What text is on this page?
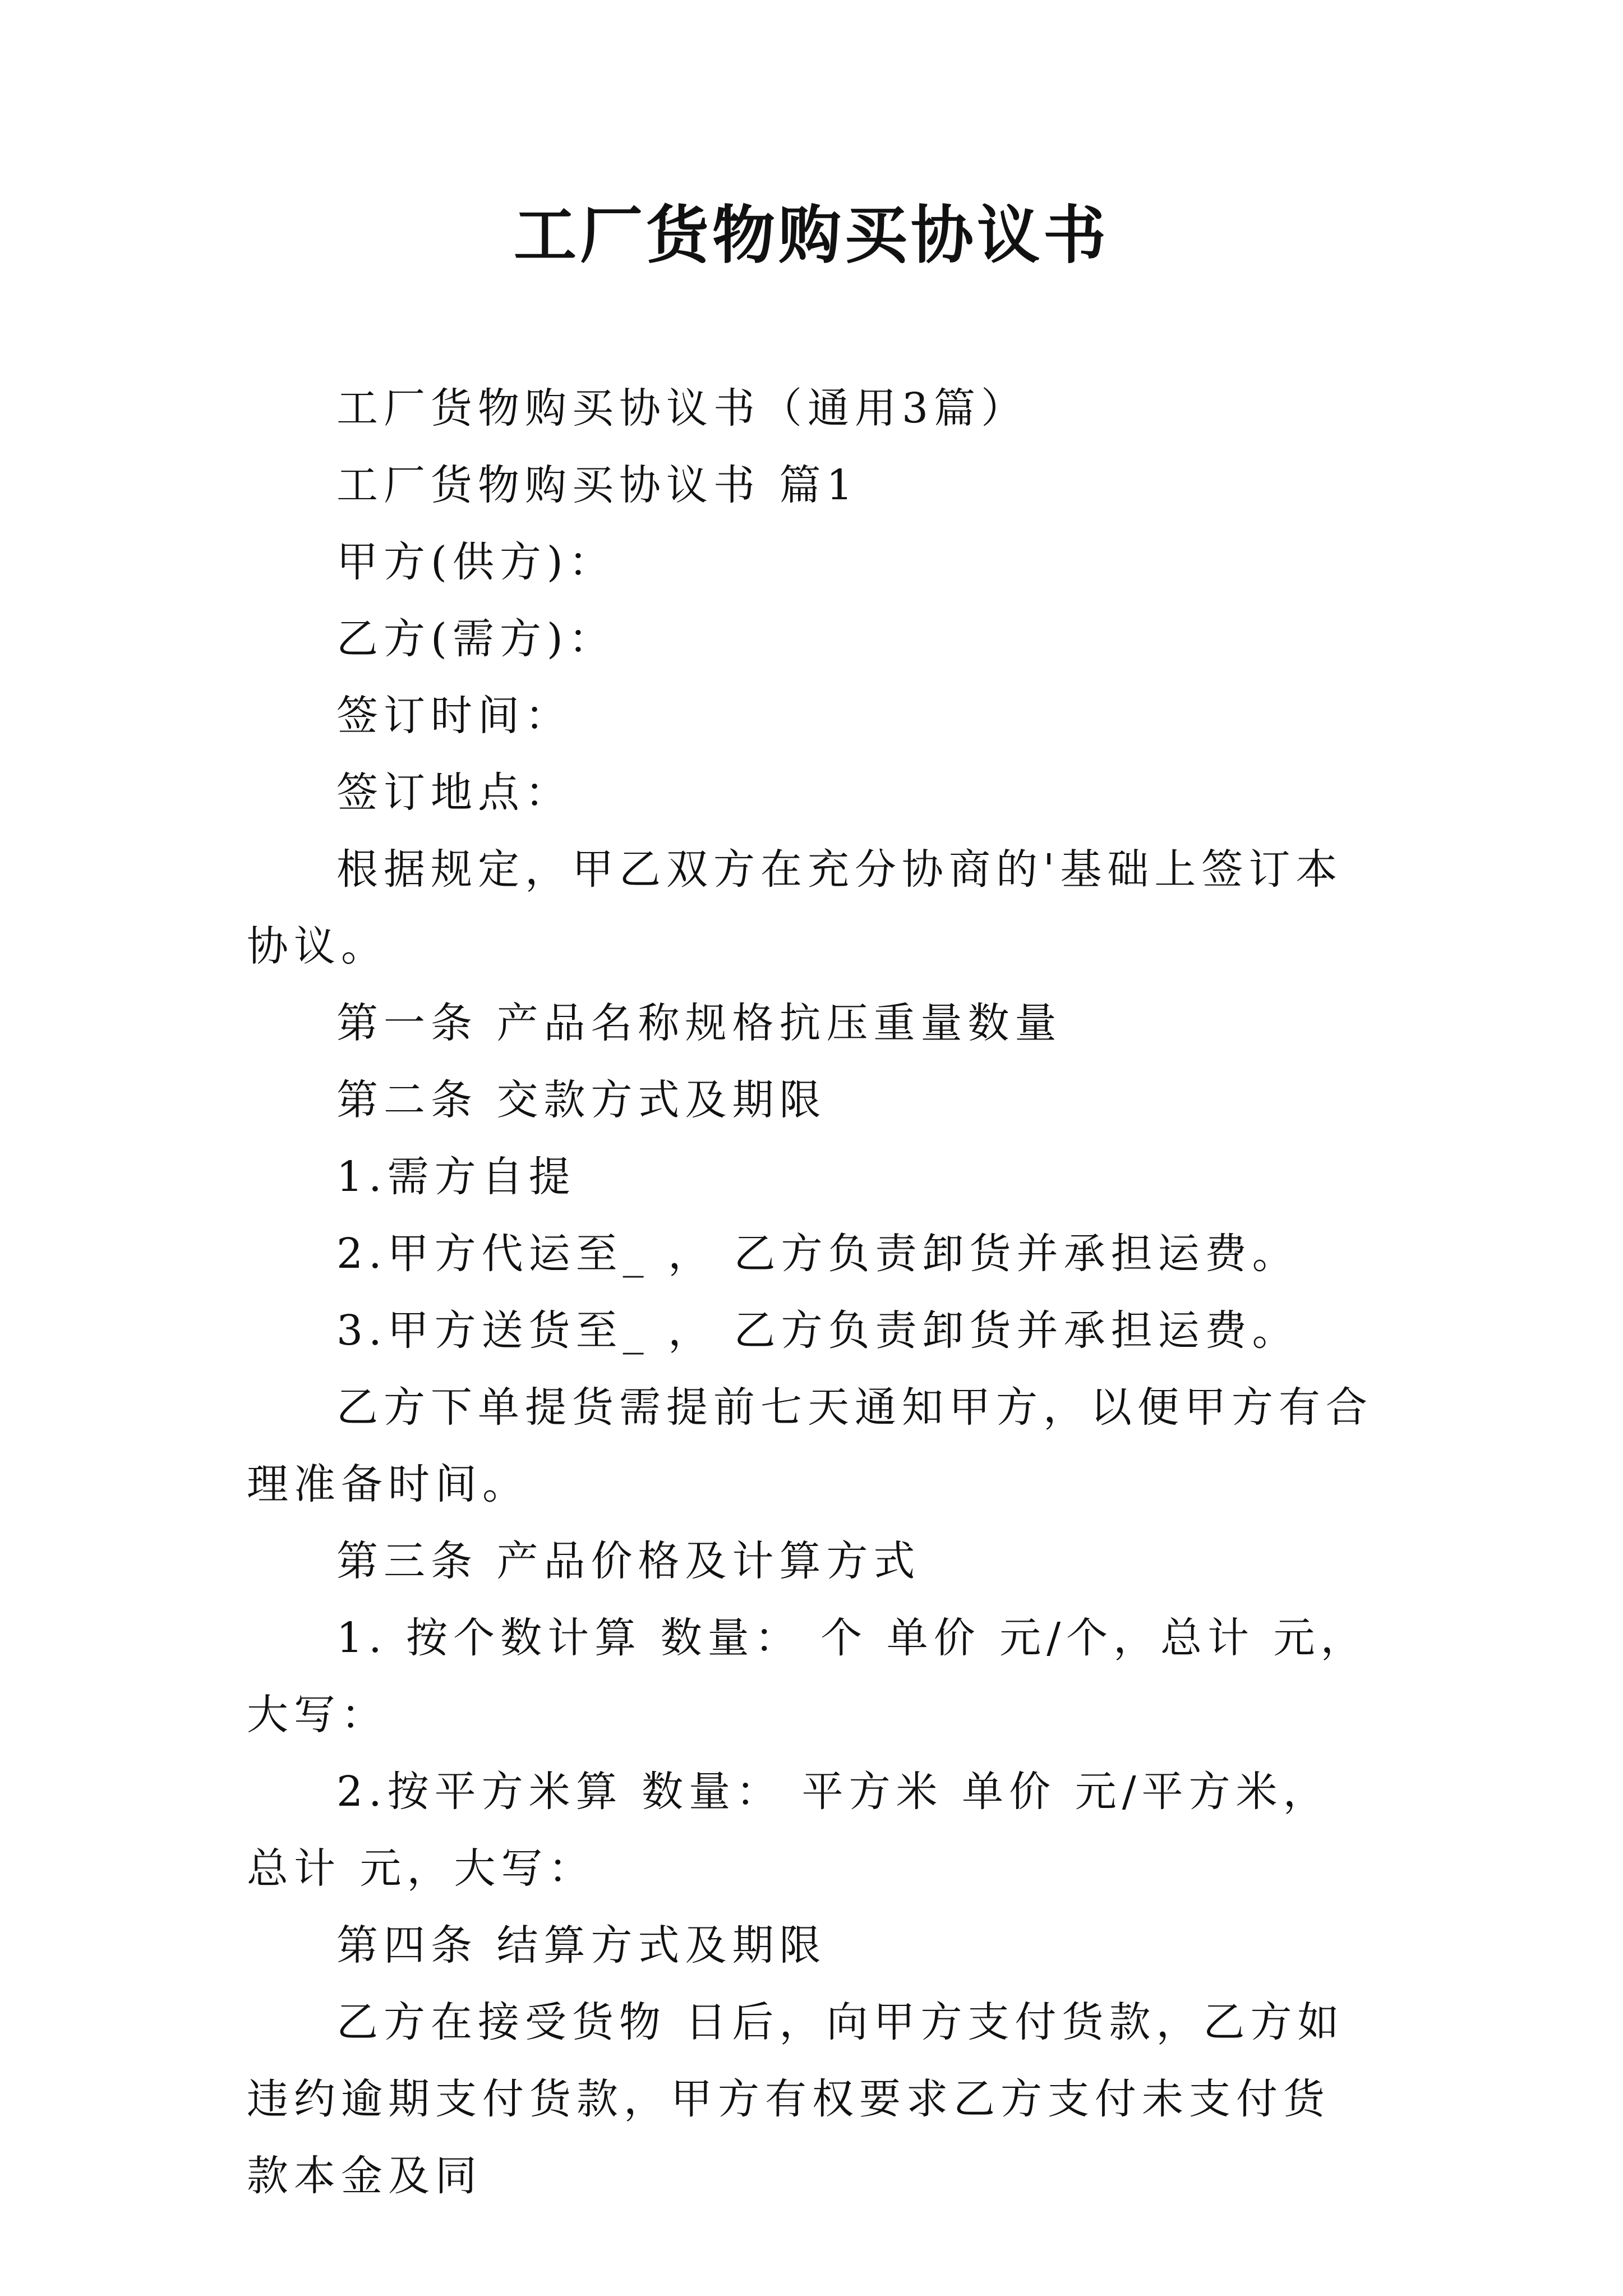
工厂货物购买协议书

工厂货物购买协议书（通用3篇）

工厂货物购买协议书 篇1

甲方(供方)：

乙方(需方)：

签订时间：

签订地点：

根据规定，甲乙双方在充分协商的'基础上签订本协议。

第一条 产品名称规格抗压重量数量

第二条 交款方式及期限

1.需方自提

2.甲方代运至_ ， 乙方负责卸货并承担运费。

3.甲方送货至_ ， 乙方负责卸货并承担运费。

乙方下单提货需提前七天通知甲方，以便甲方有合理准备时间。

第三条 产品价格及计算方式

1. 按个数计算 数量： 个 单价 元/个，总计 元，大写：

2.按平方米算 数量： 平方米 单价 元/平方米，总计 元，大写：

第四条 结算方式及期限

乙方在接受货物 日后，向甲方支付货款，乙方如违约逾期支付货款，甲方有权要求乙方支付未支付货款本金及同
